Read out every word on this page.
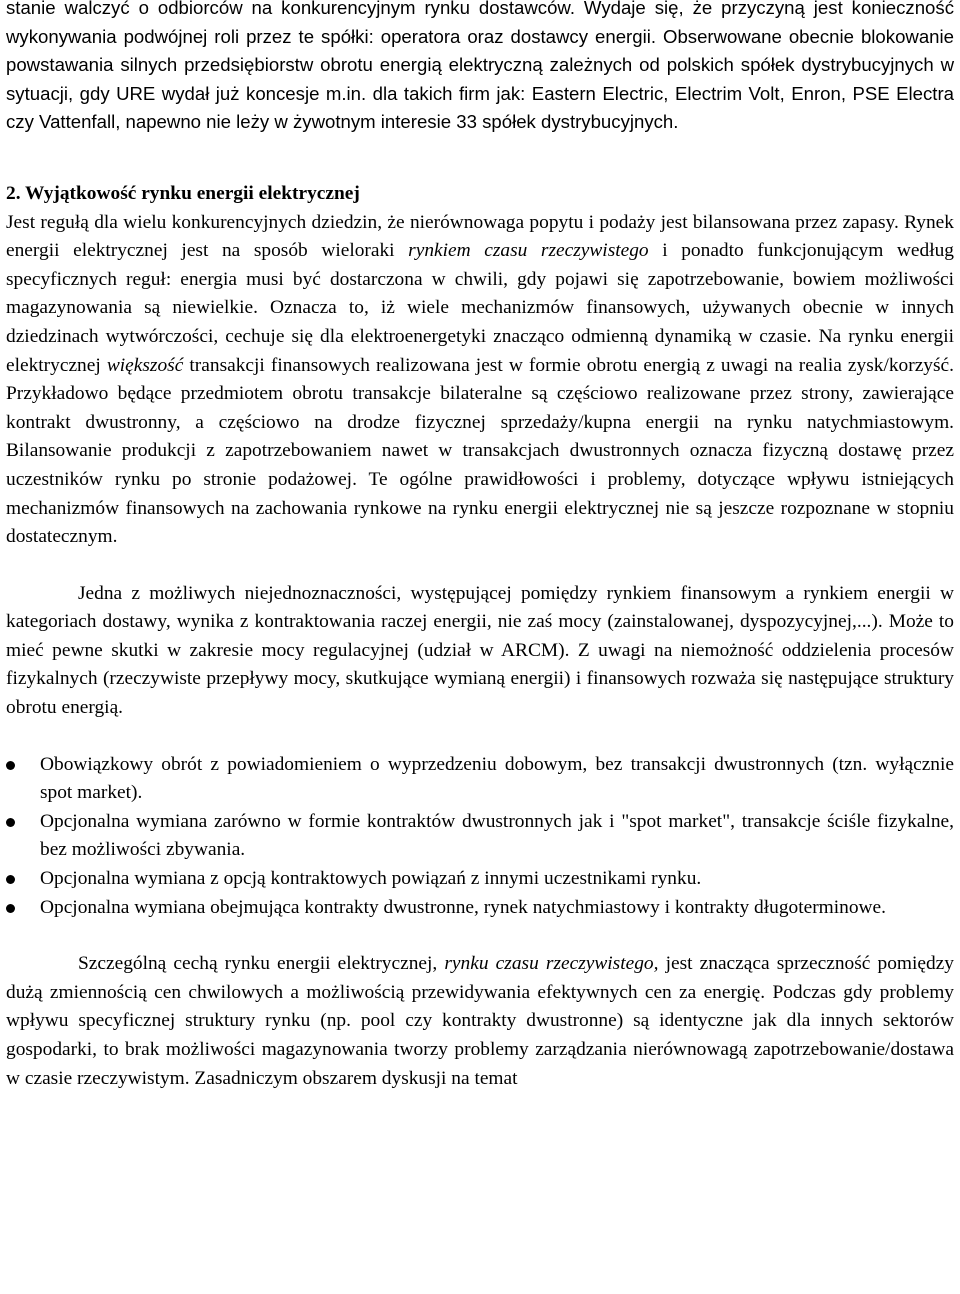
stanie walczyć o odbiorców na konkurencyjnym rynku dostawców. Wydaje się, że przyczyną jest konieczność wykonywania podwójnej roli przez te spółki: operatora oraz dostawcy energii. Obserwowane obecnie blokowanie powstawania silnych przedsiębiorstw obrotu energią elektryczną zależnych od polskich spółek dystrybucyjnych w sytuacji, gdy URE wydał już koncesje m.in. dla takich firm jak: Eastern Electric, Electrim Volt, Enron, PSE Electra czy Vattenfall, napewno nie leży w żywotnym interesie 33 spółek dystrybucyjnych.

2. Wyjątkowość rynku energii elektrycznej

Jest regułą dla wielu konkurencyjnych dziedzin, że nierównowaga popytu i podaży jest bilansowana przez zapasy. Rynek energii elektrycznej jest na sposób wieloraki rynkiem czasu rzeczywistego i ponadto funkcjonującym według specyficznych reguł: energia musi być dostarczona w chwili, gdy pojawi się zapotrzebowanie, bowiem możliwości magazynowania są niewielkie. Oznacza to, iż wiele mechanizmów finansowych, używanych obecnie w innych dziedzinach wytwórczości, cechuje się dla elektroenergetyki znacząco odmienną dynamiką w czasie. Na rynku energii elektrycznej większość transakcji finansowych realizowana jest w formie obrotu energią z uwagi na realia zysk/korzyść. Przykładowo będące przedmiotem obrotu transakcje bilateralne są częściowo realizowane przez strony, zawierające kontrakt dwustronny, a częściowo na drodze fizycznej sprzedaży/kupna energii na rynku natychmiastowym. Bilansowanie produkcji z zapotrzebowaniem nawet w transakcjach dwustronnych oznacza fizyczną dostawę przez uczestników rynku po stronie podażowej. Te ogólne prawidłowości i problemy, dotyczące wpływu istniejących mechanizmów finansowych na zachowania rynkowe na rynku energii elektrycznej nie są jeszcze rozpoznane w stopniu dostatecznym.

Jedna z możliwych niejednoznaczności, występującej pomiędzy rynkiem finansowym a rynkiem energii w kategoriach dostawy, wynika z kontraktowania raczej energii, nie zaś mocy (zainstalowanej, dyspozycyjnej,...). Może to mieć pewne skutki w zakresie mocy regulacyjnej (udział w ARCM). Z uwagi na niemożność oddzielenia procesów fizykalnych (rzeczywiste przepływy mocy, skutkujące wymianą energii) i finansowych rozważa się następujące struktury obrotu energią.

Obowiązkowy obrót z powiadomieniem o wyprzedzeniu dobowym, bez transakcji dwustronnych (tzn. wyłącznie spot market).
Opcjonalna wymiana zarówno w formie kontraktów dwustronnych jak i "spot market", transakcje ściśle fizykalne, bez możliwości zbywania.
Opcjonalna wymiana z opcją kontraktowych powiązań z innymi uczestnikami rynku.
Opcjonalna wymiana obejmująca kontrakty dwustronne, rynek natychmiastowy i kontrakty długoterminowe.

Szczególną cechą rynku energii elektrycznej, rynku czasu rzeczywistego, jest znacząca sprzeczność pomiędzy dużą zmiennością cen chwilowych a możliwością przewidywania efektywnych cen za energię. Podczas gdy problemy wpływu specyficznej struktury rynku (np. pool czy kontrakty dwustronne) są identyczne jak dla innych sektorów gospodarki, to brak możliwości magazynowania tworzy problemy zarządzania nierównowagą zapotrzebowanie/dostawa w czasie rzeczywistym. Zasadniczym obszarem dyskusji na temat
